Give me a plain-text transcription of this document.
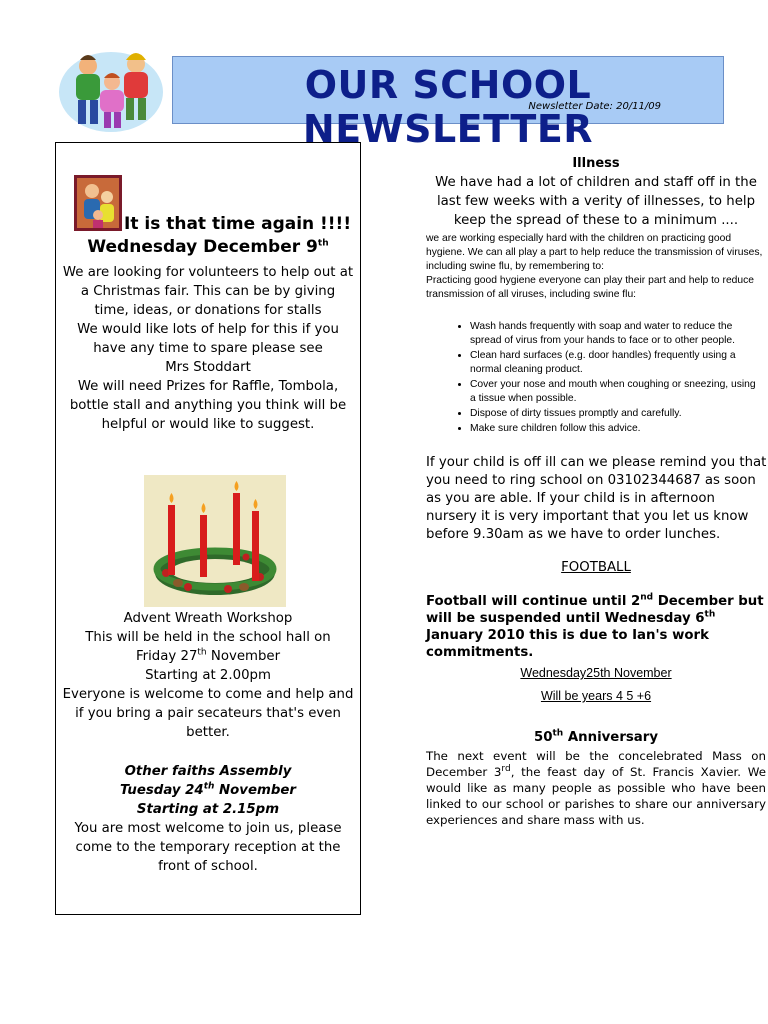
OUR SCHOOL NEWSLETTER
Newsletter Date: 20/11/09

It is that time again !!!!

Wednesday December 9th

We are looking for volunteers to help out at a Christmas fair. This can be by giving time, ideas, or donations for stalls

We would like lots of help for this if you have any time to spare please see

Mrs Stoddart

We will need Prizes for Raffle, Tombola, bottle stall and anything you think will be helpful or would like to suggest.

Advent Wreath Workshop

This will be held in the school hall on

Friday 27th November

Starting at 2.00pm

Everyone is welcome to come and help and if you bring a pair secateurs that's even better.

Other faiths Assembly

Tuesday 24th November

Starting at 2.15pm

You are most welcome to join us, please come to the temporary reception at the front of school.

Illness

We have had a lot of children and staff off in the last few weeks with a verity of illnesses, to help keep the spread of these to a minimum ....

we are working especially hard with the children on practicing good hygiene. We can all play a part to help reduce the transmission of viruses, including swine flu, by remembering to:

Practicing good hygiene everyone can play their part and help to reduce transmission of all viruses, including swine flu:

• Wash hands frequently with soap and water to reduce the spread of virus from your hands to face or to other people.
• Clean hard surfaces (e.g. door handles) frequently using a normal cleaning product.
• Cover your nose and mouth when coughing or sneezing, using a tissue when possible.
• Dispose of dirty tissues promptly and carefully.
• Make sure children follow this advice.

If your child is off ill can we please remind you that you need to ring school on 03102344687 as soon as you are able. If your child is in afternoon nursery it is very important that you let us know before 9.30am as we have to order lunches.

FOOTBALL

Football will continue until 2nd December but will be suspended until Wednesday 6th January 2010 this is due to Ian's work commitments.

Wednesday25th November

Will be years 4 5 +6

50th Anniversary

The next event will be the concelebrated Mass on December 3rd, the feast day of St. Francis Xavier. We would like as many people as possible who have been linked to our school or parishes to share our anniversary experiences and share mass with us.
